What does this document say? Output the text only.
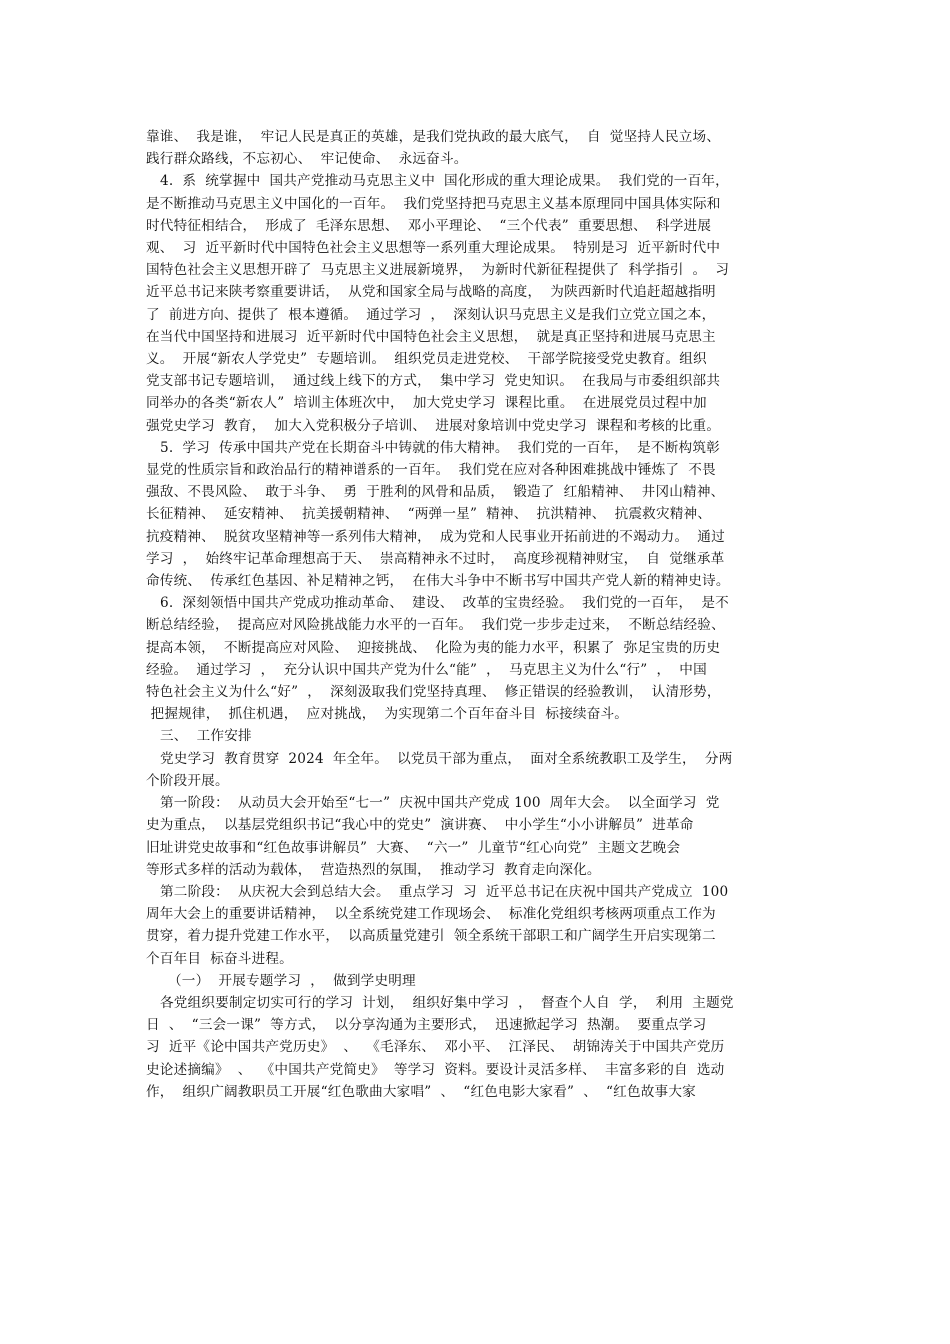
靠谁、  我是谁，  牢记人民是真正的英雄，是我们党执政的最大底气，  自  觉坚持人民立场、
践行群众路线，不忘初心、  牢记使命、  永远奋斗。
4.  系  统掌握中  国共产党推动马克思主义中  国化形成的重大理论成果。  我们党的一百年，
是不断推动马克思主义中国化的一百年。  我们党坚持把马克思主义基本原理同中国具体实际和
时代特征相结合，  形成了  毛泽东思想、  邓小平理论、  “三个代表”  重要思想、  科学进展
观、  习  近平新时代中国特色社会主义思想等一系列重大理论成果。  特别是习  近平新时代中
国特色社会主义思想开辟了  马克思主义进展新境界，  为新时代新征程提供了  科学指引  。  习
近平总书记来陕考察重要讲话，  从党和国家全局与战略的高度，  为陕西新时代追赶超越指明
了  前进方向、提供了  根本遵循。  通过学习  ，  深刻认识马克思主义是我们立党立国之本，
在当代中国坚持和进展习  近平新时代中国特色社会主义思想，  就是真正坚持和进展马克思主
义。  开展“新农人学党史”  专题培训。  组织党员走进党校、  干部学院接受党史教育。组织
党支部书记专题培训，  通过线上线下的方式，  集中学习  党史知识。  在我局与市委组织部共
同举办的各类“新农人”  培训主体班次中，  加大党史学习  课程比重。  在进展党员过程中加
强党史学习  教育，  加大入党积极分子培训、  进展对象培训中党史学习  课程和考核的比重。
5.  学习  传承中国共产党在长期奋斗中铸就的伟大精神。  我们党的一百年，  是不断构筑彰
显党的性质宗旨和政治品行的精神谱系的一百年。  我们党在应对各种困难挑战中锤炼了  不畏
强敌、不畏风险、  敢于斗争、  勇  于胜利的风骨和品质，  锻造了  红船精神、  井冈山精神、
长征精神、  延安精神、  抗美援朝精神、  “两弹一星”  精神、  抗洪精神、  抗震救灾精神、
抗疫精神、  脱贫攻坚精神等一系列伟大精神，  成为党和人民事业开拓前进的不竭动力。  通过
学习  ，  始终牢记革命理想高于天、  崇高精神永不过时，  高度珍视精神财宝，  自  觉继承革
命传统、  传承红色基因、补足精神之钙，  在伟大斗争中不断书写中国共产党人新的精神史诗。
6.  深刻领悟中国共产党成功推动革命、  建设、  改革的宝贵经验。  我们党的一百年，  是不
断总结经验，  提高应对风险挑战能力水平的一百年。  我们党一步步走过来，  不断总结经验、
提高本领，  不断提高应对风险、  迎接挑战、  化险为夷的能力水平，积累了  弥足宝贵的历史
经验。  通过学习  ，  充分认识中国共产党为什么“能”  ，  马克思主义为什么“行”  ，  中国
特色社会主义为什么“好”  ，  深刻汲取我们党坚持真理、  修正错误的经验教训，  认清形势，
把握规律，  抓住机遇，  应对挑战，  为实现第二个百年奋斗目  标接续奋斗。
三、  工作安排
党史学习  教育贯穿  2024  年全年。  以党员干部为重点，  面对全系统教职工及学生，  分两
个阶段开展。
第一阶段：  从动员大会开始至“七一”  庆祝中国共产党成 100  周年大会。  以全面学习  党
史为重点，  以基层党组织书记“我心中的党史”  演讲赛、  中小学生“小小讲解员”  进革命
旧址讲党史故事和“红色故事讲解员”  大赛、  “六一”  儿童节“红心向党”  主题文艺晚会
等形式多样的活动为载体，  营造热烈的氛围，  推动学习  教育走向深化。
第二阶段：  从庆祝大会到总结大会。  重点学习  习  近平总书记在庆祝中国共产党成立  100
周年大会上的重要讲话精神，  以全系统党建工作现场会、  标准化党组织考核两项重点工作为
贯穿，着力提升党建工作水平，  以高质量党建引  领全系统干部职工和广阔学生开启实现第二
个百年目  标奋斗进程。
（一）  开展专题学习  ，  做到学史明理
各党组织要制定切实可行的学习  计划，  组织好集中学习  ，  督查个人自  学，  利用  主题党
日  、  “三会一课”  等方式，  以分享沟通为主要形式，  迅速掀起学习  热潮。  要重点学习
习  近平《论中国共产党历史》  、  《毛泽东、  邓小平、  江泽民、  胡锦涛关于中国共产党历
史论述摘编》  、  《中国共产党简史》  等学习  资料。要设计灵活多样、  丰富多彩的自  选动
作，  组织广阔教职员工开展“红色歌曲大家唱”  、  “红色电影大家看”  、  “红色故事大家
